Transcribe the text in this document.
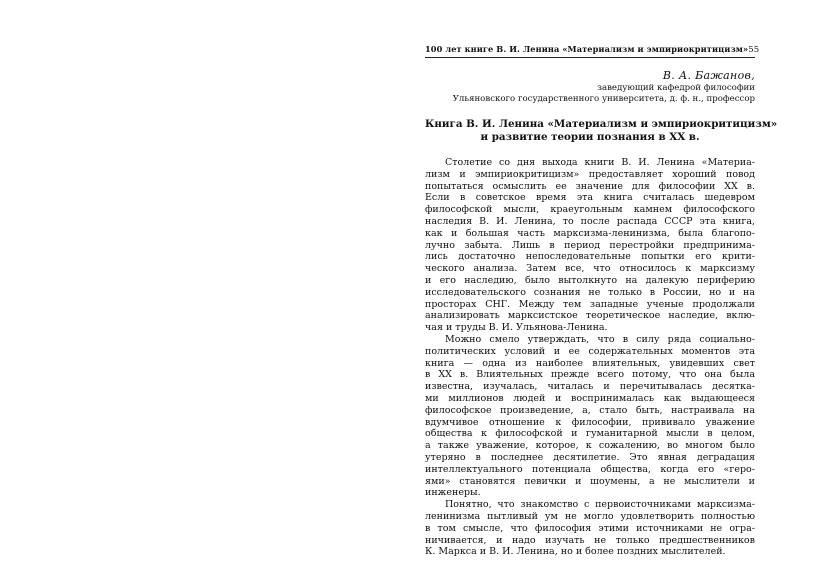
100 лет книге В. И. Ленина «Материализм и эмпириокритицизм» 55
В. А. Бажанов,
заведующий кафедрой философии
Ульяновского государственного университета, д. ф. н., профессор
Книга В. И. Ленина «Материализм и эмпириокритицизм»
и развитие теории познания в XX в.
Столетие со дня выхода книги В. И. Ленина «Материа-
лизм и эмпириокритицизм» предоставляет хороший повод
попытаться осмыслить ее значение для философии XX в.
Если в советское время эта книга считалась шедевром
философской мысли, краеугольным камнем философского
наследия В. И. Ленина, то после распада СССР эта книга,
как и большая часть марксизма-ленинизма, была благопо-
лучно забыта. Лишь в период перестройки предпринима-
лись достаточно непоследовательные попытки его крити-
ческого анализа. Затем все, что относилось к марксизму
и его наследию, было вытолкнуто на далекую периферию
исследовательского сознания не только в России, но и на
просторах СНГ. Между тем западные ученые продолжали
анализировать марксистское теоретическое наследие, вклю-
чая и труды В. И. Ульянова-Ленина.
Можно смело утверждать, что в силу ряда социально-
политических условий и ее содержательных моментов эта
книга — одна из наиболее влиятельных, увидевших свет
в XX в. Влиятельных прежде всего потому, что она была
известна, изучалась, читалась и перечитывалась десятка-
ми миллионов людей и воспринималась как выдающееся
философское произведение, а, стало быть, настраивала на
вдумчивое отношение к философии, прививало уважение
общества к философской и гуманитарной мысли в целом,
а также уважение, которое, к сожалению, во многом было
утеряно в последнее десятилетие. Это явная деградация
интеллектуального потенциала общества, когда его «геро-
ями» становятся певички и шоумены, а не мыслители и
инженеры.
Понятно, что знакомство с первоисточниками марксизма-
ленинизма пытливый ум не могло удовлетворить полностью
в том смысле, что философия этими источниками не огра-
ничивается, и надо изучать не только предшественников
К. Маркса и В. И. Ленина, но и более поздних мыслителей.
